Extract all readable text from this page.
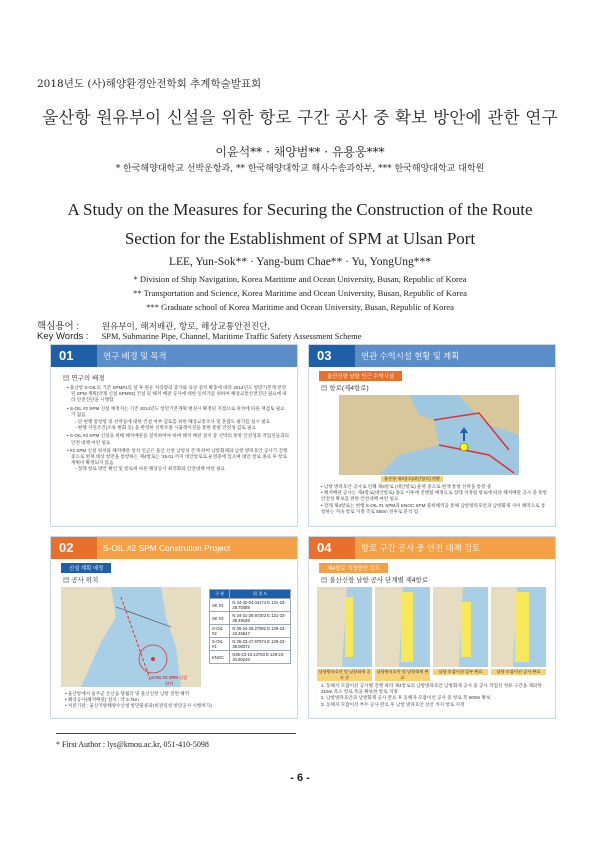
2018년도 (사)해양환경안전학회 추계학술발표회
울산항 원유부이 신설을 위한 항로 구간 공사 중 확보 방안에 관한 연구
이윤석** · 채양범** · 유용웅***
* 한국해양대학교 선박운항과, ** 한국해양대학교 해사수송과학부, *** 한국해양대학교 대학원
A Study on the Measures for Securing the Construction of the Route
Section for the Establishment of SPM at Ulsan Port
LEE, Yun-Sok** · Yang-bum Chae** · Yu, YongUng***
* Division of Ship Navigation, Korea Maritime and Ocean University, Busan, Republic of Korea
** Transportation and Science, Korea Maritime and Ocean University, Busan, Republic of Korea
*** Graduate school of Korea Maritime and Ocean University, Busan, Republic of Korea
핵심용어 :	원유부이, 해저배관, 항로, 해상교통안전진단,
Key Words : SPM, Submarine Pipe, Channel, Maritime Traffic Safety Assessment Scheme
01	연구 배경 및 목적
▤ 연구의 배경
• 울산항 S-OIL의 기존 SPM#1의 설 후 원유 처리량의 증가와 육상 설치 확충에 따라 2014년도 항만기본계 반영된 SPM 계획(약제 신설 SPM#2) 건설 및 해저 배관 공사에 대한 인허가를 위하여 해상교통안전진단 필요에 따라 안전진단을 시행함
• S-OIL #2 SPM 신설 예정지는 기존 2014년도 항만기본계획 변경시 확정된 지점으로 위치에 따른 재검토 필요가 없음
- 단 현행 통항항 및 선박들에 대한 건설 여부 검토를 위한 해상교통조사 및 혼잡도 평가를 실시 필요
- 현행 자연조건(조류 변화 등) 을 반영한 선박조종 시뮬레이션을 통한 통항 안전성 검토 필요
• S-OIL #2 SPM 신설을 위해 해저배관을 설치하여야 하며 해저 배관 설치 중 선박의 통항 안전성과 작업선들과의 안전 대책 마련 필요
• #2 SPM 신설 위치와 해저배관 설치 인근은 울산 신항 남항의 존재 하여 남항화제와 남항 방파호안 공사가 진행 중으로 현재 대상 항만을 통항하는 제4항로는 '19.01 까지 대안항로로 운영중에 있으며 대안 항로 종료 후 항로 계획이 확정되지 않음
- 장래 항로 방안 확인 및 항로에 따른 해상공사 최적화와 안전대책 마련 필요
03	연관 수역시설 현황 및 계획
울산신항 남항 인근 수역시설
▤ 항로(제4항로)
울산항 제4항로(대안항로) 현황
• 남항 방파호안 공사로 인해 제4항로 (대안항로) 운영 중으로 현재 통항 선박을 통항 중
• 해저배관 공사는 제4항로(대안항로) 종료 이후에 진행될 예정으로 장래 지정될 항로에 따라 해저배관 공사 중 통항 안전성 확보를 위한 안전대책 마련 필요
• 장래 제4항로는 현행 S-OIL #1 SPM과 KNOC SPM 중희해역을 통해 남항방파호안과 남방화제 사이 해역으로 통항하는 저속 항로 지정 측로 500m 전후로 분석 됨
02	S-OIL #2 SPM Constrution Project
신설 계획 예정
▤ 공사 위치
S-OIL #2 SPM 신설위치
구 분	위 경 도
SK #2	N 34-32-04.04174 E 131-23-28.70488
SK #3	N 34-31-29.97203 E 131-23-38.49169
S-OIL #2	N 35-24-25.27982 E 129-23-43.46647
S-OIL #1	N 35-23-47.97674 E 129-23-38.08372
KNOC	N35-23-10.44783 E 129-23-34.90246
• 울산항에서 울주군 온산읍 당월리 및 울산신항 남항 전면 해역
• 해상공사(해저배관) 설치 : 약 3.7km
• 처분기관 : 울산지방해양수산청 항만물류과(비관리청 항만공사 시행허가)
04	항로 구간 공사 중 안전 대책 검토
제4항로 지정방안 검토
▤ 울산신항 남항 공사 단계별 제4항로
남항방파호안 및 남항화제 공사 중
남항방파호안 및 남항화제 완료
남항 모잡이선 일부 완료	남항 모잡이선 공사 완료
1. 동해자 모잡이선 공사별 진행 따라 제4항로의 남항방파호안 남방화제 공사 중 공사 작업선 정류 구간을 제외한 315m 폭소 항로 폭을 확보한 항로 지정
2. 남항방파호안과 남방화제 공사 완료 후 동해자 모잡이선 공사 중 항로 폭 500m 확보
3. 동해자 모잡이선 부두 공사 완료 후 남항 방파호안 선안 까지 항로 지정
* First Author : lys@kmou.ac.kr, 051-410-5098
- 6 -
